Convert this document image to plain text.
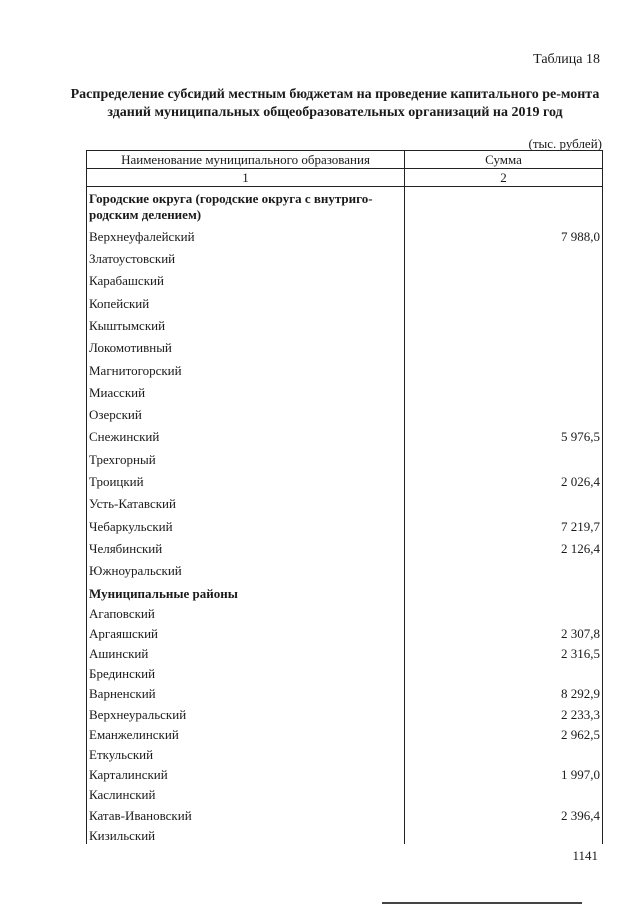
Таблица 18
Распределение субсидий местным бюджетам на проведение капитального ре-монта зданий муниципальных общеобразовательных организаций на 2019 год
(тыс. рублей)
Наименование муниципального образования	Сумма
1	2
Городские округа (городские округа с внутриго-родским делением)	
Верхнеуфалейский	7 988,0
Златоустовский	
Карабашский	
Копейский	
Кыштымский	
Локомотивный	
Магнитогорский	
Миасский	
Озерский	
Снежинский	5 976,5
Трехгорный	
Троицкий	2 026,4
Усть-Катавский	
Чебаркульский	7 219,7
Челябинский	2 126,4
Южноуральский	
Муниципальные районы	
Агаповский	
Аргаяшский	2 307,8
Ашинский	2 316,5
Брединский	
Варненский	8 292,9
Верхнеуральский	2 233,3
Еманжелинский	2 962,5
Еткульский	
Карталинский	1 997,0
Каслинский	
Катав-Ивановский	2 396,4
Кизильский	
1141
